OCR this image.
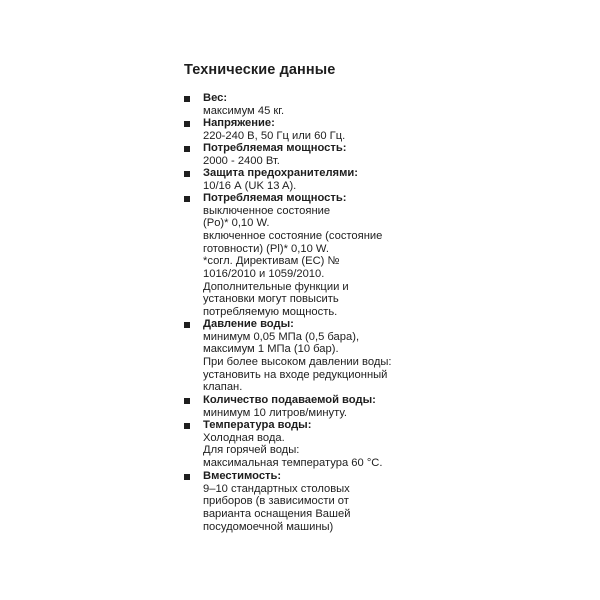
Технические данные
Вес:
максимум 45 кг.
Напряжение:
220-240 В, 50 Гц или 60 Гц.
Потребляемая мощность:
2000 - 2400 Вт.
Защита предохранителями:
10/16 А (UK 13 A).
Потребляемая мощность:
выключенное состояние
(Po)* 0,10 W.
включенное состояние (состояние
готовности) (Pl)* 0,10 W.
*согл. Директивам (EC) №
1016/2010 и 1059/2010.
Дополнительные функции и
установки могут повысить
потребляемую мощность.
Давление воды:
минимум 0,05 МПа (0,5 бара),
максимум 1 МПа (10 бар).
При более высоком давлении воды:
установить на входе редукционный
клапан.
Количество подаваемой воды:
минимум 10 литров/минуту.
Температура воды:
Холодная вода.
Для горячей воды:
максимальная температура 60 °C.
Вместимость:
9–10 стандартных столовых
приборов (в зависимости от
варианта оснащения Вашей
посудомоечной машины)
